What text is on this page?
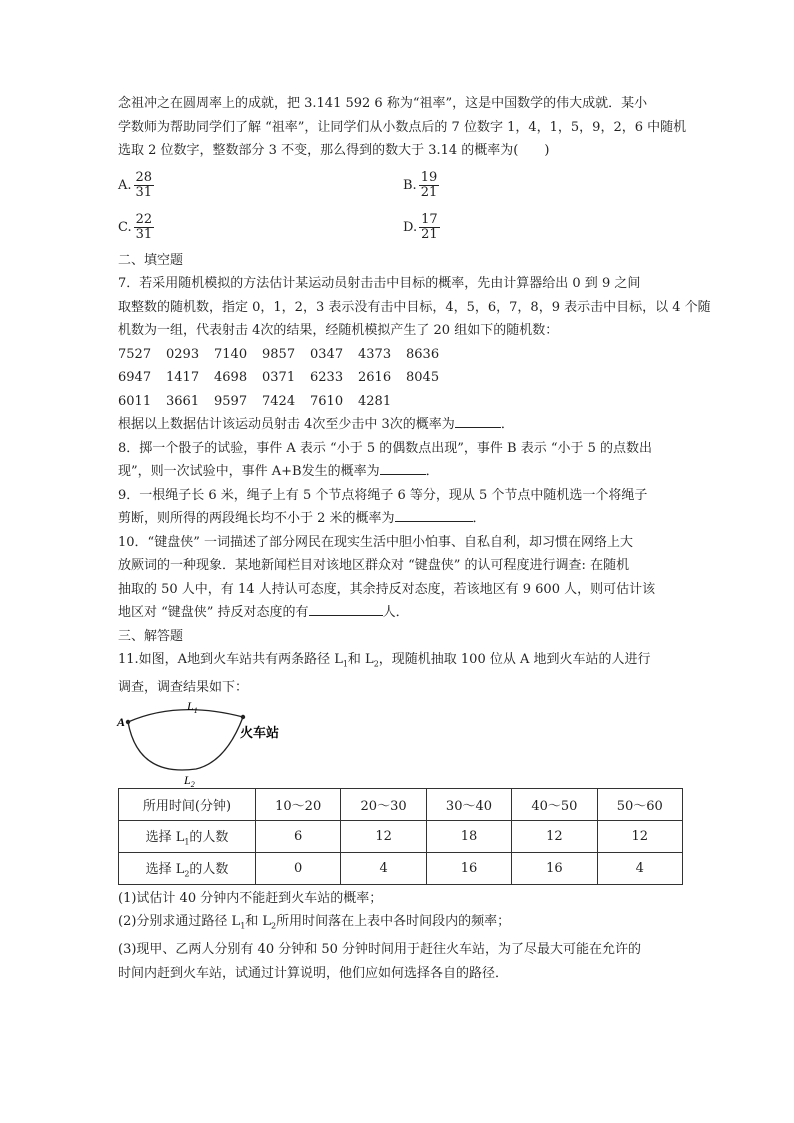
念祖冲之在圆周率上的成就，把 3.141 592 6 称为“祖率”，这是中国数学的伟大成就．某小
学数师为帮助同学们了解 “祖率”，让同学们从小数点后的 7 位数字 1，4，1，5，9，2，6 中随机
选取 2 位数字，整数部分 3 不变，那么得到的数大于 3.14 的概率为(　　)
A. $\frac{28}{31}$	B. $\frac{19}{21}$
C. $\frac{22}{31}$	D. $\frac{17}{21}$
二、填空题
7．若采用随机模拟的方法估计某运动员射击击中目标的概率，先由计算器给出 0 到 9 之间
取整数的随机数，指定 0，1，2，3 表示没有击中目标，4，5，6，7，8，9 表示击中目标，以 4 个随
机数为一组，代表射击 4次的结果，经随机模拟产生了 20 组如下的随机数：
7527	0293	7140	9857	0347	4373	8636
6947	1417	4698	0371	6233	2616	8045
6011	3661	9597	7424	7610	4281
根据以上数据估计该运动员射击 4次至少击中 3次的概率为	．
8．掷一个骰子的试验，事件 A 表示 “小于 5 的偶数点出现”，事件 B 表示 “小于 5 的点数出
现”，则一次试验中，事件 A+B发生的概率为	．
9．一根绳子长 6 米，绳子上有 5 个节点将绳子 6 等分，现从 5 个节点中随机选一个将绳子
剪断，则所得的两段绳长均不小于 2 米的概率为	．
10．“键盘侠” 一词描述了部分网民在现实生活中胆小怕事、自私自利，却习惯在网络上大
放厥词的一种现象．某地新闻栏目对该地区群众对 “键盘侠” 的认可程度进行调查: 在随机
抽取的 50 人中，有 14 人持认可态度，其余持反对态度，若该地区有 9 600 人，则可估计该
地区对 “键盘侠” 持反对态度的有	人．
三、解答题
11.如图，A地到火车站共有两条路径 $L_1$和 $L_2$，现随机抽取 100 位从 A 地到火车站的人进行
调查，调查结果如下：
A
火车站
$L_1$
$L_2$
所用时间(分钟)	10～20	20～30	30～40	40～50	50～60
选择 $L_1$的人数	6	12	18	12	12
选择 $L_2$的人数	0	4	16	16	4
(1)试估计 40 分钟内不能赶到火车站的概率；
(2)分别求通过路径 $L_1$和 $L_2$所用时间落在上表中各时间段内的频率；
(3)现甲、乙两人分别有 40 分钟和 50 分钟时间用于赶往火车站，为了尽最大可能在允许的
时间内赶到火车站，试通过计算说明，他们应如何选择各自的路径．
